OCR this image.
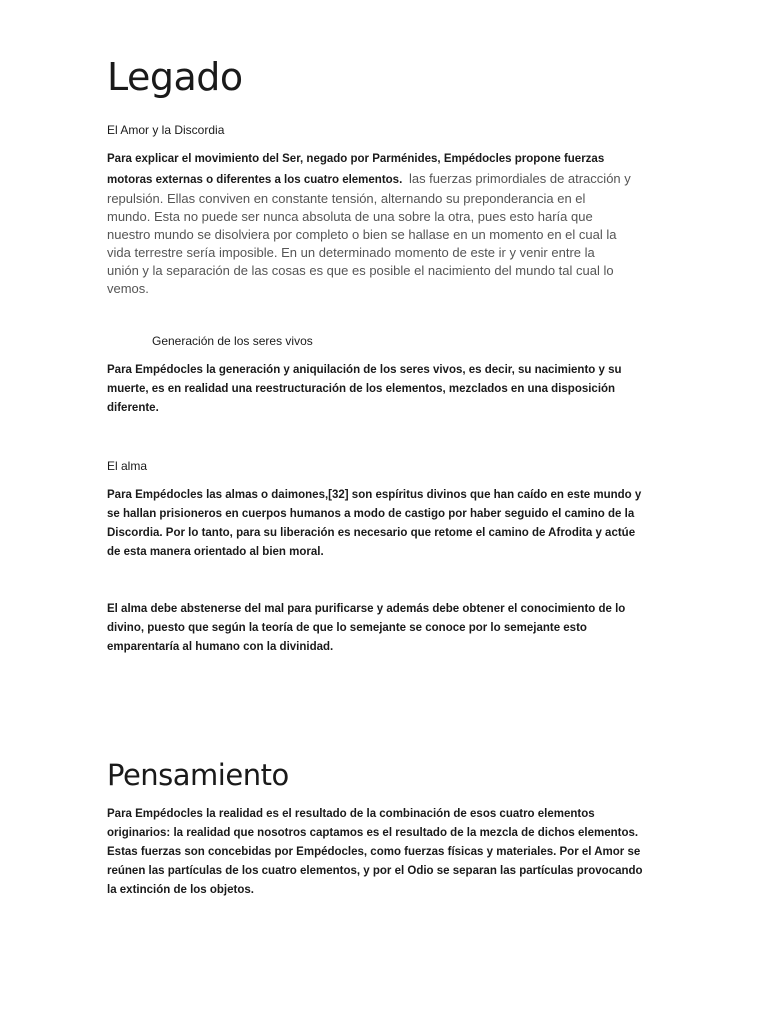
Legado
El Amor y la Discordia
Para explicar el movimiento del Ser, negado por Parménides, Empédocles propone fuerzas
motoras externas o diferentes a los cuatro elementos. las fuerzas primordiales de atracción y
repulsión. Ellas conviven en constante tensión, alternando su preponderancia en el
mundo. Esta no puede ser nunca absoluta de una sobre la otra, pues esto haría que
nuestro mundo se disolviera por completo o bien se hallase en un momento en el cual la
vida terrestre sería imposible. En un determinado momento de este ir y venir entre la
unión y la separación de las cosas es que es posible el nacimiento del mundo tal cual lo
vemos.
Generación de los seres vivos
Para Empédocles la generación y aniquilación de los seres vivos, es decir, su nacimiento y su
muerte, es en realidad una reestructuración de los elementos, mezclados en una disposición
diferente.
El alma
Para Empédocles las almas o daimones,[32] son espíritus divinos que han caído en este mundo y
se hallan prisioneros en cuerpos humanos a modo de castigo por haber seguido el camino de la
Discordia. Por lo tanto, para su liberación es necesario que retome el camino de Afrodita y actúe
de esta manera orientado al bien moral.
El alma debe abstenerse del mal para purificarse y además debe obtener el conocimiento de lo
divino, puesto que según la teoría de que lo semejante se conoce por lo semejante esto
emparentaría al humano con la divinidad.
Pensamiento
Para Empédocles la realidad es el resultado de la combinación de esos cuatro elementos
originarios: la realidad que nosotros captamos es el resultado de la mezcla de dichos elementos.
Estas fuerzas son concebidas por Empédocles, como fuerzas físicas y materiales. Por el Amor se
reúnen las partículas de los cuatro elementos, y por el Odio se separan las partículas provocando
la extinción de los objetos.
